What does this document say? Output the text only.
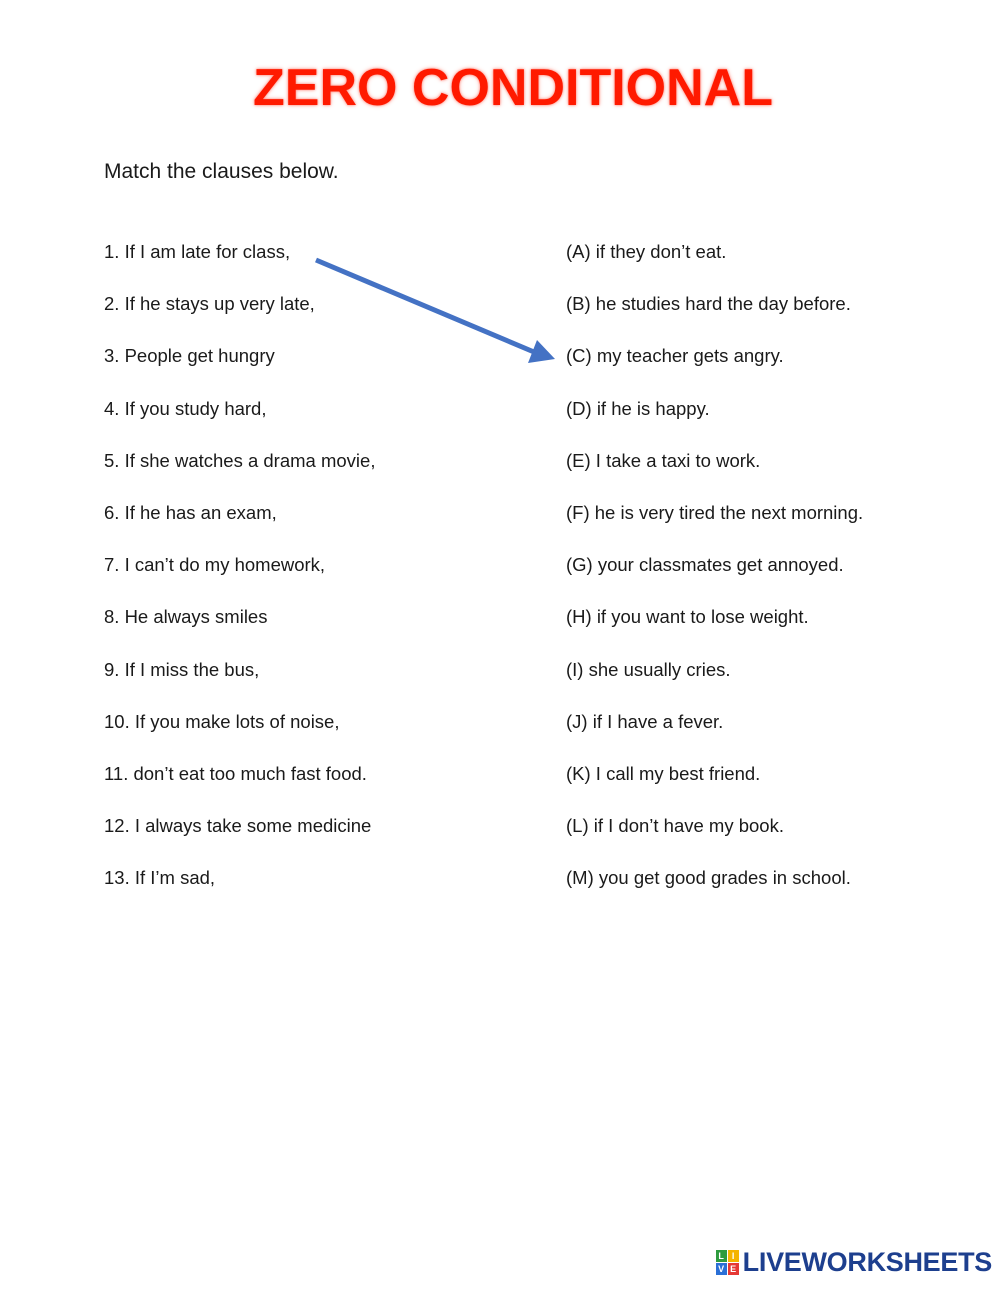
ZERO CONDITIONAL
Match the clauses below.
1. If I am late for class,
2. If he stays up very late,
3. People get hungry
4. If you study hard,
5. If she watches a drama movie,
6. If he has an exam,
7. I can’t do my homework,
8. He always smiles
9. If I miss the bus,
10. If you make lots of noise,
11. don’t eat too much fast food.
12. I always take some medicine
13. If I’m sad,
(A) if they don’t eat.
(B) he studies hard the day before.
(C) my teacher gets angry.
(D) if he is happy.
(E) I take a taxi to work.
(F) he is very tired the next morning.
(G) your classmates get annoyed.
(H) if you want to lose weight.
(I) she usually cries.
(J) if I have a fever.
(K) I call my best friend.
(L) if I don’t have my book.
(M) you get good grades in school.
L I
V E LIVEWORKSHEETS
